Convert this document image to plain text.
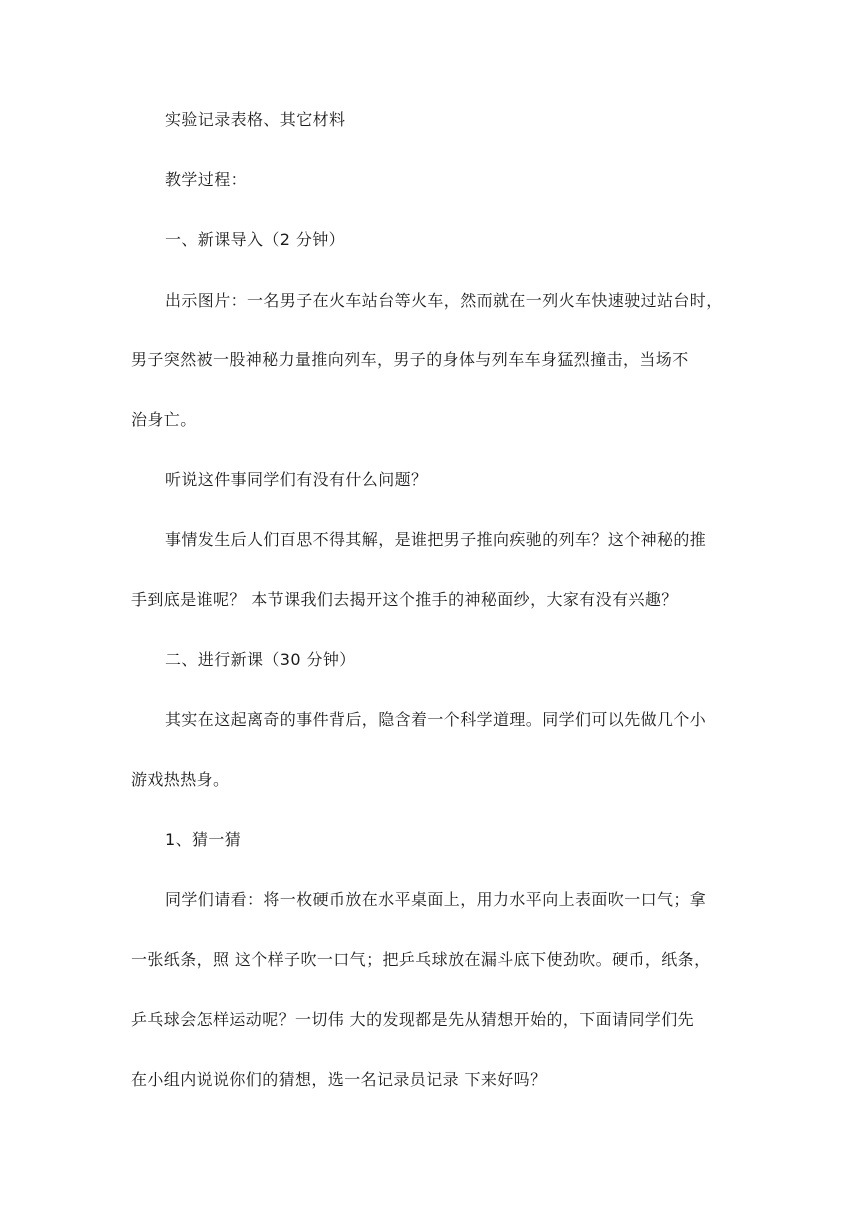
实验记录表格、其它材料
教学过程：
一、新课导入（2 分钟）
出示图片：一名男子在火车站台等火车，然而就在一列火车快速驶过站台时，
男子突然被一股神秘力量推向列车，男子的身体与列车车身猛烈撞击，当场不
治身亡。
听说这件事同学们有没有什么问题？
事情发生后人们百思不得其解，是谁把男子推向疾驰的列车？这个神秘的推
手到底是谁呢？ 本节课我们去揭开这个推手的神秘面纱，大家有没有兴趣？
二、进行新课（30 分钟）
其实在这起离奇的事件背后，隐含着一个科学道理。同学们可以先做几个小
游戏热热身。
1、猜一猜
同学们请看：将一枚硬币放在水平桌面上，用力水平向上表面吹一口气；拿
一张纸条，照 这个样子吹一口气；把乒乓球放在漏斗底下使劲吹。硬币，纸条，
乒乓球会怎样运动呢？一切伟 大的发现都是先从猜想开始的，下面请同学们先
在小组内说说你们的猜想，选一名记录员记录 下来好吗？
